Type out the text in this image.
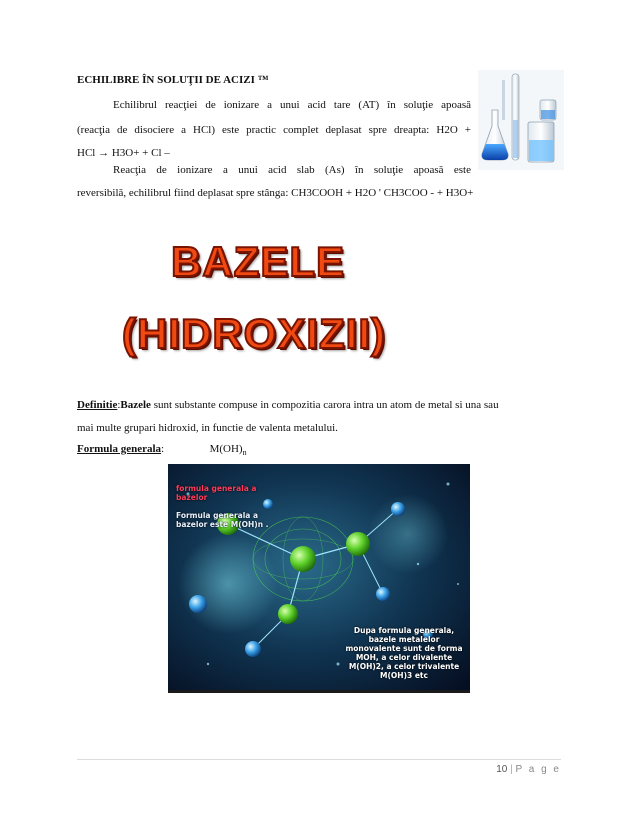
ECHILIBRE ÎN SOLUŢII DE ACIZI ™
Echilibrul reacţiei de ionizare a unui acid tare (AT) în soluţie apoasă
(reacţia de disociere a HCl) este practic complet deplasat spre dreapta: H2O +
HCl → H3O+ + Cl –
Reacţia de ionizare a unui acid slab (As) în soluţie apoasă este
reversibilă, echilibrul fiind deplasat spre stânga: CH3COOH + H2O ' CH3COO - + H3O+
BAZELE
(HIDROXIZII)
Definitie:Bazele sunt substante compuse in compozitia carora intra un atom de metal si una sau
mai multe grupari hidroxid, in functie de valenta metalului.
Formula generala:	$M(OH)_n$

formula generala a
bazelor

Formula generala a
bazelor este M(OH)n .

Dupa formula generala,
bazele metalelor
monovalente sunt de forma
MOH, a celor divalente
M(OH)2, a celor trivalente
M(OH)3 etc
10 | P a g e
